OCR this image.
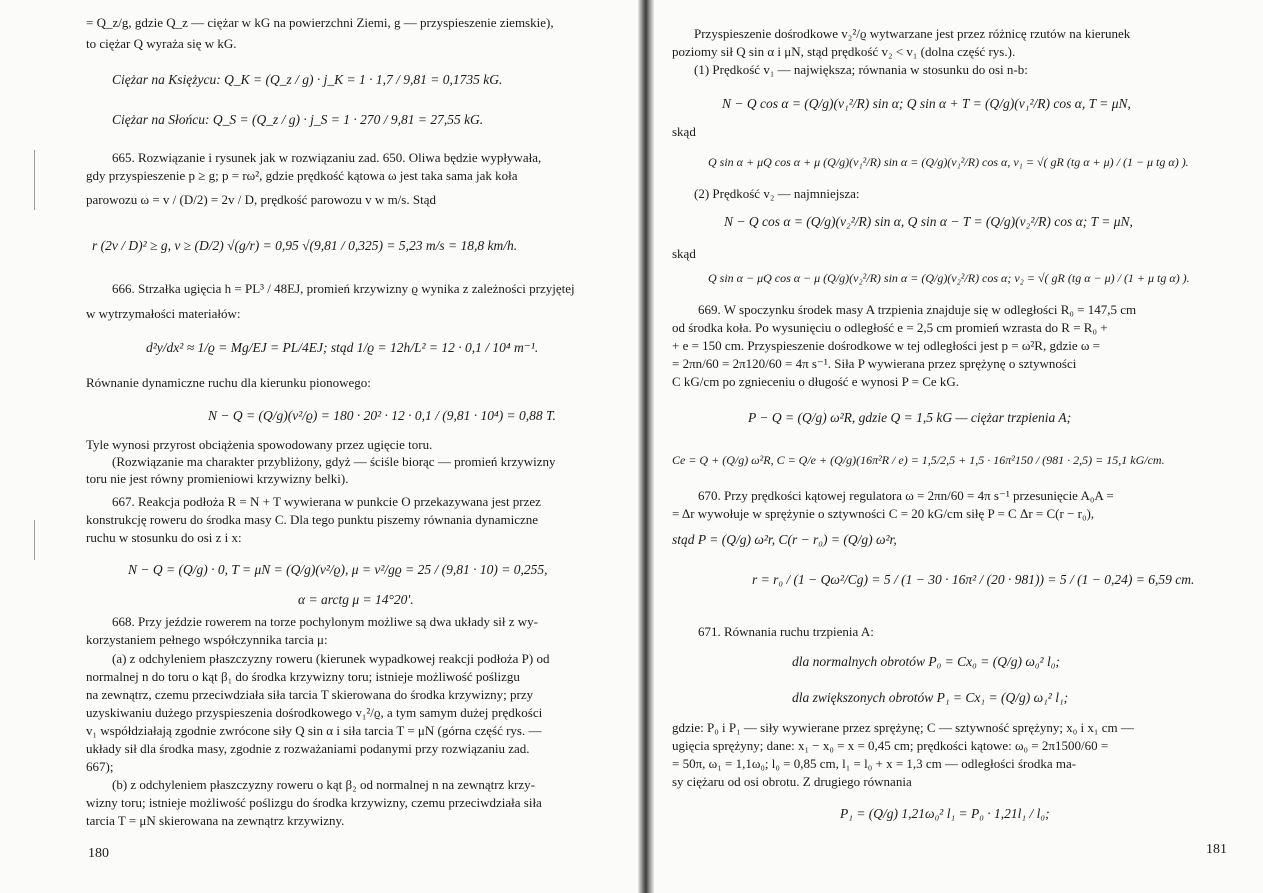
= Q_z/g, gdzie Q_z — ciężar w kG na powierzchni Ziemi, g — przyspieszenie ziemskie),
to ciężar Q wyraża się w kG.
Ciężar na Księżycu: Q_K = (Q_z / g) · j_K = 1 · 1,7 / 9,81 = 0,1735 kG.
Ciężar na Słońcu: Q_S = (Q_z / g) · j_S = 1 · 270 / 9,81 = 27,55 kG.
665. Rozwiązanie i rysunek jak w rozwiązaniu zad. 650. Oliwa będzie wypływała,
gdy przyspieszenie p ≥ g; p = rω², gdzie prędkość kątowa ω jest taka sama jak koła
parowozu ω = v / (D/2) = 2v / D, prędkość parowozu v w m/s. Stąd
r (2v / D)² ≥ g, v ≥ (D/2) √(g/r) = 0,95 √(9,81 / 0,325) = 5,23 m/s = 18,8 km/h.
666. Strzałka ugięcia h = PL³ / 48EJ, promień krzywizny ϱ wynika z zależności przyjętej
w wytrzymałości materiałów:
d²y/dx² ≈ 1/ϱ = Mg/EJ = PL/4EJ; stąd 1/ϱ = 12h/L² = 12 · 0,1 / 10⁴ m⁻¹.
Równanie dynamiczne ruchu dla kierunku pionowego:
N − Q = (Q/g)(v²/ϱ) = 180 · 20² · 12 · 0,1 / (9,81 · 10⁴) = 0,88 T.
Tyle wynosi przyrost obciążenia spowodowany przez ugięcie toru.
(Rozwiązanie ma charakter przybliżony, gdyż — ściśle biorąc — promień krzywizny
toru nie jest równy promieniowi krzywizny belki).
667. Reakcja podłoża R = N + T wywierana w punkcie O przekazywana jest przez
konstrukcję roweru do środka masy C. Dla tego punktu piszemy równania dynamiczne
ruchu w stosunku do osi z i x:
N − Q = (Q/g) · 0, T = μN = (Q/g)(v²/ϱ), μ = v²/gϱ = 25 / (9,81 · 10) = 0,255,
α = arctg μ = 14°20′.
668. Przy jeździe rowerem na torze pochylonym możliwe są dwa układy sił z wy-
korzystaniem pełnego współczynnika tarcia μ:
(a) z odchyleniem płaszczyzny roweru (kierunek wypadkowej reakcji podłoża P) od
normalnej n do toru o kąt β₁ do środka krzywizny toru; istnieje możliwość poślizgu
na zewnątrz, czemu przeciwdziała siła tarcia T skierowana do środka krzywizny; przy
uzyskiwaniu dużego przyspieszenia dośrodkowego v₁²/ϱ, a tym samym dużej prędkości
v₁ współdziałają zgodnie zwrócone siły Q sin α i siła tarcia T = μN (górna część rys. —
układy sił dla środka masy, zgodnie z rozważaniami podanymi przy rozwiązaniu zad.
667);
(b) z odchyleniem płaszczyzny roweru o kąt β₂ od normalnej n na zewnątrz krzy-
wizny toru; istnieje możliwość poślizgu do środka krzywizny, czemu przeciwdziała siła
tarcia T = μN skierowana na zewnątrz krzywizny.
180
Przyspieszenie dośrodkowe v₂²/ϱ wytwarzane jest przez różnicę rzutów na kierunek
poziomy sił Q sin α i μN, stąd prędkość v₂ < v₁ (dolna część rys.).
(1) Prędkość v₁ — największa; równania w stosunku do osi n-b:
N − Q cos α = (Q/g)(v₁²/R) sin α; Q sin α + T = (Q/g)(v₁²/R) cos α, T = μN,
skąd
Q sin α + μQ cos α + μ (Q/g)(v₁²/R) sin α = (Q/g)(v₁²/R) cos α, v₁ = √( gR (tg α + μ) / (1 − μ tg α) ).
(2) Prędkość v₂ — najmniejsza:
N − Q cos α = (Q/g)(v₂²/R) sin α, Q sin α − T = (Q/g)(v₂²/R) cos α; T = μN,
skąd
Q sin α − μQ cos α − μ (Q/g)(v₂²/R) sin α = (Q/g)(v₂²/R) cos α; v₂ = √( gR (tg α − μ) / (1 + μ tg α) ).
669. W spoczynku środek masy A trzpienia znajduje się w odległości R₀ = 147,5 cm
od środka koła. Po wysunięciu o odległość e = 2,5 cm promień wzrasta do R = R₀ +
+ e = 150 cm. Przyspieszenie dośrodkowe w tej odległości jest p = ω²R, gdzie ω =
= 2πn/60 = 2π120/60 = 4π s⁻¹. Siła P wywierana przez sprężynę o sztywności
C kG/cm po zgnieceniu o długość e wynosi P = Ce kG.
P − Q = (Q/g) ω²R, gdzie Q = 1,5 kG — ciężar trzpienia A;
Ce = Q + (Q/g) ω²R, C = Q/e + (Q/g)(16π²R / e) = 1,5/2,5 + 1,5 · 16π²150 / (981 · 2,5) = 15,1 kG/cm.
670. Przy prędkości kątowej regulatora ω = 2πn/60 = 4π s⁻¹ przesunięcie A₀A =
= Δr wywołuje w sprężynie o sztywności C = 20 kG/cm siłę P = C Δr = C(r − r₀),
stąd P = (Q/g) ω²r, C(r − r₀) = (Q/g) ω²r,
r = r₀ / (1 − Qω²/Cg) = 5 / (1 − 30 · 16π² / (20 · 981)) = 5 / (1 − 0,24) = 6,59 cm.
671. Równania ruchu trzpienia A:
dla normalnych obrotów P₀ = Cx₀ = (Q/g) ω₀² l₀;
dla zwiększonych obrotów P₁ = Cx₁ = (Q/g) ω₁² l₁;
gdzie: P₀ i P₁ — siły wywierane przez sprężynę; C — sztywność sprężyny; x₀ i x₁ cm —
ugięcia sprężyny; dane: x₁ − x₀ = x = 0,45 cm; prędkości kątowe: ω₀ = 2π1500/60 =
= 50π, ω₁ = 1,1ω₀; l₀ = 0,85 cm, l₁ = l₀ + x = 1,3 cm — odległości środka ma-
sy ciężaru od osi obrotu. Z drugiego równania
P₁ = (Q/g) 1,21ω₀² l₁ = P₀ · 1,21l₁ / l₀;
181
